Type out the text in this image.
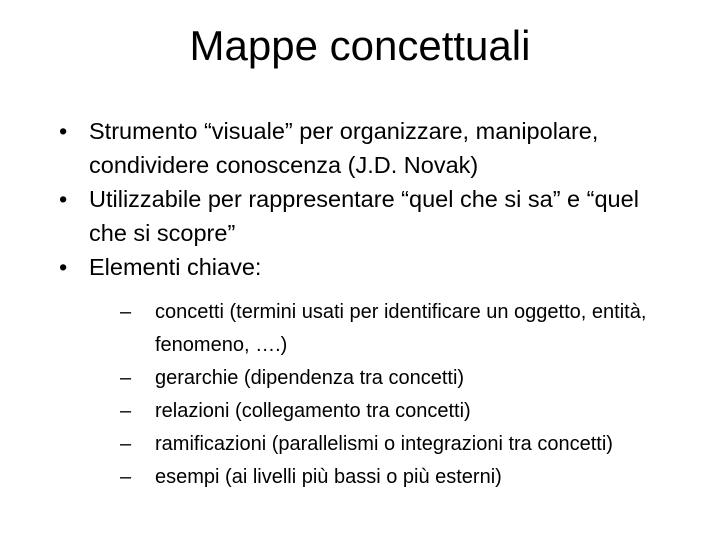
Mappe concettuali
• Strumento “visuale” per organizzare, manipolare, condividere conoscenza (J.D. Novak)
• Utilizzabile per rappresentare “quel che si sa” e “quel che si scopre”
• Elementi chiave:
– concetti (termini usati per identificare un oggetto, entità, fenomeno, ….)
– gerarchie (dipendenza tra concetti)
– relazioni (collegamento tra concetti)
– ramificazioni (parallelismi o integrazioni tra concetti)
– esempi (ai livelli più bassi o più esterni)
